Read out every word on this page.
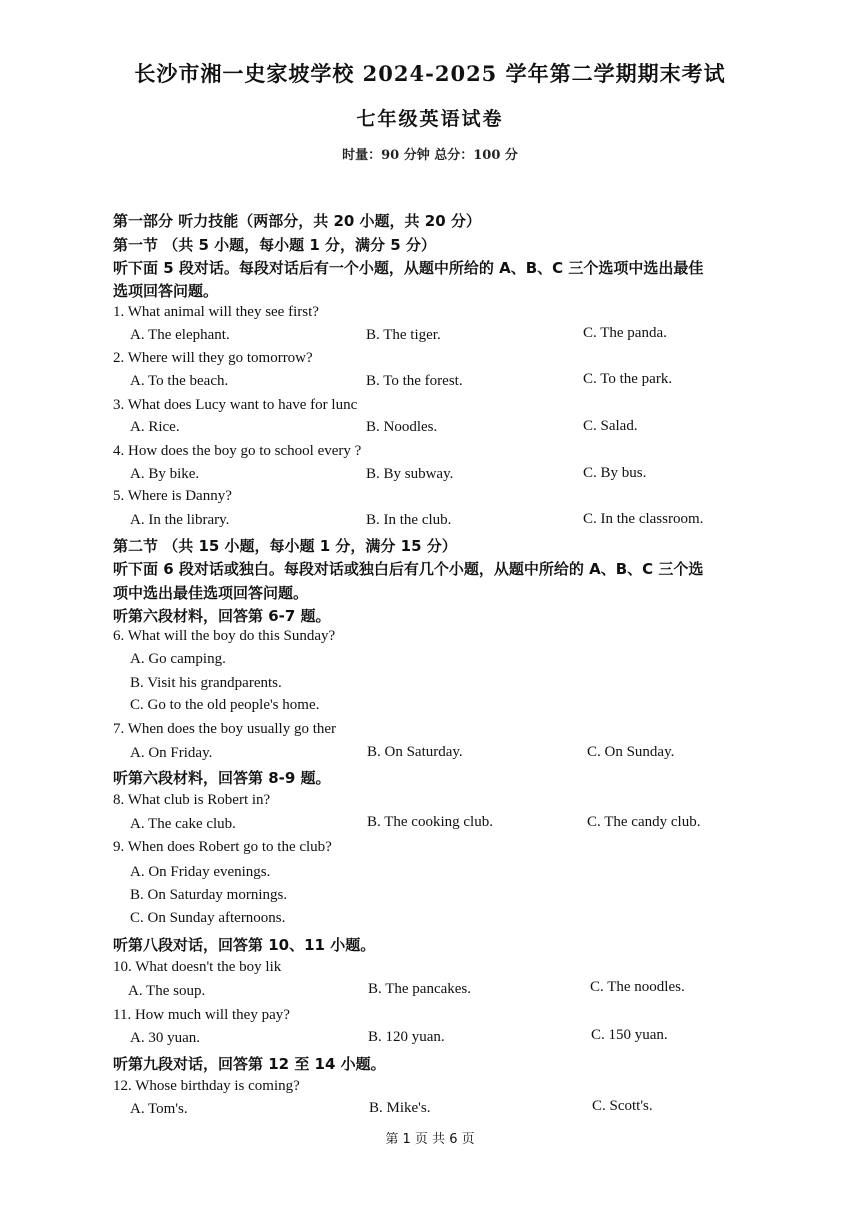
长沙市湘一史家坡学校 2024-2025 学年第二学期期末考试
七年级英语试卷
时量：90 分钟 总分：100 分
第一部分 听力技能（两部分，共 20 小题，共 20 分）
第一节 （共 5 小题，每小题 1 分，满分 5 分）
听下面 5 段对话。每段对话后有一个小题，从题中所给的 A、B、C 三个选项中选出最佳
选项回答问题。
1. What animal will they see first?
A. The elephant.	B. The tiger.	C. The panda.
2. Where will they go tomorrow?
A. To the beach.	B. To the forest.	C. To the park.
3. What does Lucy want to have for lunc
A. Rice.	B. Noodles.	C. Salad.
4. How does the boy go to school every ?
A. By bike.	B. By subway.	C. By bus.
5. Where is Danny?
A. In the library.	B. In the club.	C. In the classroom.
第二节 （共 15 小题，每小题 1 分，满分 15 分）
听下面 6 段对话或独白。每段对话或独白后有几个小题，从题中所给的 A、B、C 三个选
项中选出最佳选项回答问题。
听第六段材料，回答第 6-7 题。
6. What will the boy do this Sunday?
A. Go camping.
B. Visit his grandparents.
C. Go to the old people's home.
7. When does the boy usually go ther
A. On Friday.	B. On Saturday.	C. On Sunday.
听第六段材料，回答第 8-9 题。
8. What club is Robert in?
A. The cake club.	B. The cooking club.	C. The candy club.
9. When does Robert go to the club?
A. On Friday evenings.
B. On Saturday mornings.
C. On Sunday afternoons.
听第八段对话，回答第 10、11 小题。
10. What doesn't the boy lik
A. The soup.	B. The pancakes.	C. The noodles.
11. How much will they pay?
A. 30 yuan.	B. 120 yuan.	C. 150 yuan.
听第九段对话，回答第 12 至 14 小题。
12. Whose birthday is coming?
A. Tom's.	B. Mike's.	C. Scott's.
第 1 页 共 6 页
